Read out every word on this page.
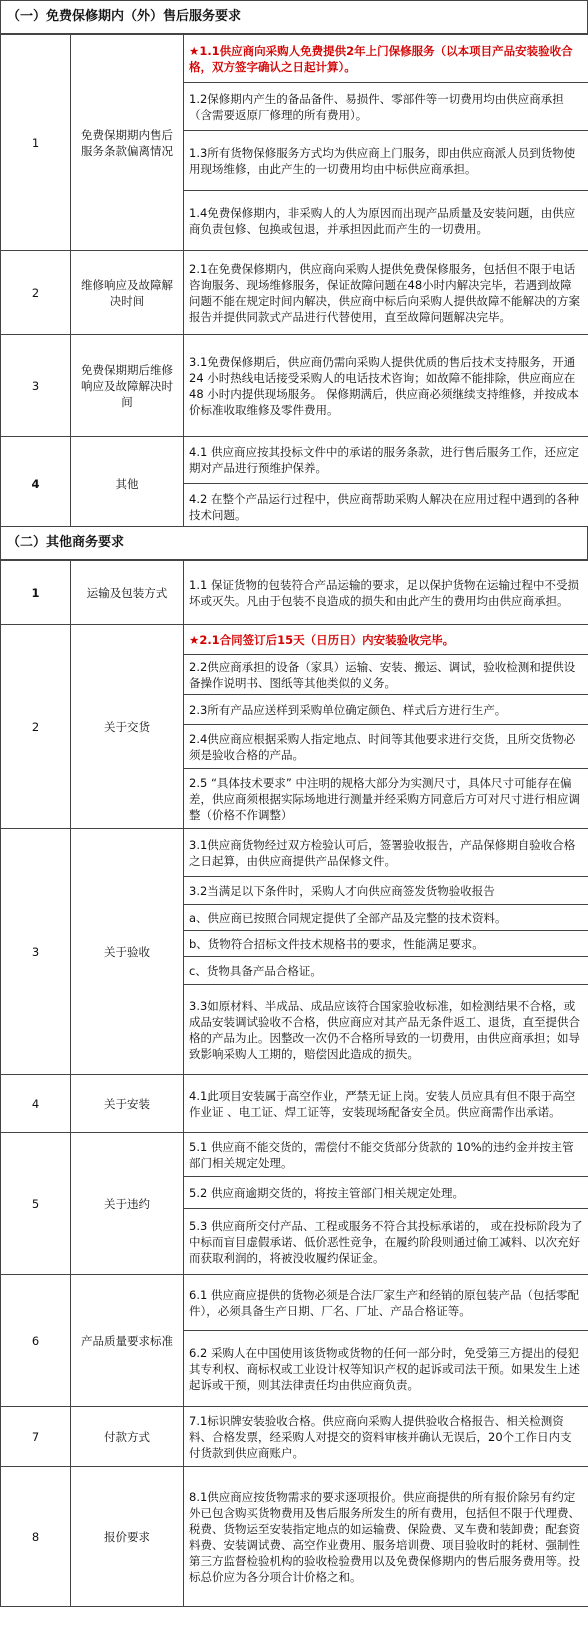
（一）免费保修期内（外）售后服务要求
1	免费保期期内售后服务条款偏离情况	★1.1供应商向采购人免费提供2年上门保修服务（以本项目产品安装验收合格，双方签字确认之日起计算）。
		1.2保修期内产生的备品备件、易损件、零部件等一切费用均由供应商承担（含需要返原厂修理的所有费用）。
		1.3所有货物保修服务方式均为供应商上门服务，即由供应商派人员到货物使用现场维修，由此产生的一切费用均由中标供应商承担。
		1.4免费保修期内，非采购人的人为原因而出现产品质量及安装问题，由供应商负责包修、包换或包退，并承担因此而产生的一切费用。
2	维修响应及故障解决时间	2.1在免费保修期内，供应商向采购人提供免费保修服务，包括但不限于电话咨询服务、现场维修服务，保证故障问题在48小时内解决完毕，若遇到故障问题不能在规定时间内解决，供应商中标后向采购人提供故障不能解决的方案报告并提供同款式产品进行代替使用，直至故障问题解决完毕。
3	免费保期期后维修响应及故障解决时间	3.1免费保修期后，供应商仍需向采购人提供优质的售后技术支持服务，开通 24 小时热线电话接受采购人的电话技术咨询；如故障不能排除，供应商应在 48 小时内提供现场服务。 保修期满后，供应商必须继续支持维修，并按成本价标准收取维修及零件费用。
4	其他	4.1 供应商应按其投标文件中的承诺的服务条款，进行售后服务工作，还应定期对产品进行预维护保养。
		4.2 在整个产品运行过程中，供应商帮助采购人解决在应用过程中遇到的各种技术问题。
（二）其他商务要求
1	运输及包装方式	1.1 保证货物的包装符合产品运输的要求，足以保护货物在运输过程中不受损坏或灭失。凡由于包装不良造成的损失和由此产生的费用均由供应商承担。
2	关于交货	★2.1合同签订后15天（日历日）内安装验收完毕。
		2.2供应商承担的设备（家具）运输、安装、搬运、调试，验收检测和提供设备操作说明书、图纸等其他类似的义务。
		2.3所有产品应送样到采购单位确定颜色、样式后方进行生产。
		2.4供应商应根据采购人指定地点、时间等其他要求进行交货，且所交货物必须是验收合格的产品。
		2.5 “具体技术要求” 中注明的规格大部分为实测尺寸，具体尺寸可能存在偏差，供应商须根据实际场地进行测量并经采购方同意后方可对尺寸进行相应调整（价格不作调整）
3	关于验收	3.1供应商货物经过双方检验认可后，签署验收报告，产品保修期自验收合格之日起算，由供应商提供产品保修文件。
		3.2当满足以下条件时，采购人才向供应商签发货物验收报告
		a、供应商已按照合同规定提供了全部产品及完整的技术资料。
		b、货物符合招标文件技术规格书的要求，性能满足要求。
		c、货物具备产品合格证。
		3.3如原材料、半成品、成品应该符合国家验收标准，如检测结果不合格，或成品安装调试验收不合格，供应商应对其产品无条件返工、退货，直至提供合格的产品为止。因整改一次仍不合格所导致的一切费用，由供应商承担；如导致影响采购人工期的，赔偿因此造成的损失。
4	关于安装	4.1此项目安装属于高空作业，严禁无证上岗。安装人员应具有但不限于高空作业证 、电工证、焊工证等，安装现场配备安全员。供应商需作出承诺。
5	关于违约	5.1 供应商不能交货的，需偿付不能交货部分货款的 10%的违约金并按主管部门相关规定处理。
		5.2 供应商逾期交货的，将按主管部门相关规定处理。
		5.3 供应商所交付产品、工程或服务不符合其投标承诺的， 或在投标阶段为了中标而盲目虚假承诺、低价恶性竞争，在履约阶段则通过偷工减料、以次充好而获取利润的，将被没收履约保证金。
6	产品质量要求标准	6.1 供应商应提供的货物必须是合法厂家生产和经销的原包装产品（包括零配件），必须具备生产日期、厂名、厂址、产品合格证等。
		6.2 采购人在中国使用该货物或货物的任何一部分时，免受第三方提出的侵犯其专利权、商标权或工业设计权等知识产权的起诉或司法干预。如果发生上述起诉或干预，则其法律责任均由供应商负责。
7	付款方式	7.1标识牌安装验收合格。供应商向采购人提供验收合格报告、相关检测资料、合格发票，经采购人对提交的资料审核并确认无误后，20个工作日内支付货款到供应商账户。
8	报价要求	8.1供应商应按货物需求的要求逐项报价。供应商提供的所有报价除另有约定外已包含购买货物费用及售后服务所发生的所有费用，包括但不限于代理费、税费、货物运至安装指定地点的如运输费、保险费、叉车费和装卸费；配套资料费、安装调试费、高空作业费用、服务培训费、项目验收时的耗材、强制性第三方监督检验机构的验收检验费用以及免费保修期内的售后服务费用等。投标总价应为各分项合计价格之和。
